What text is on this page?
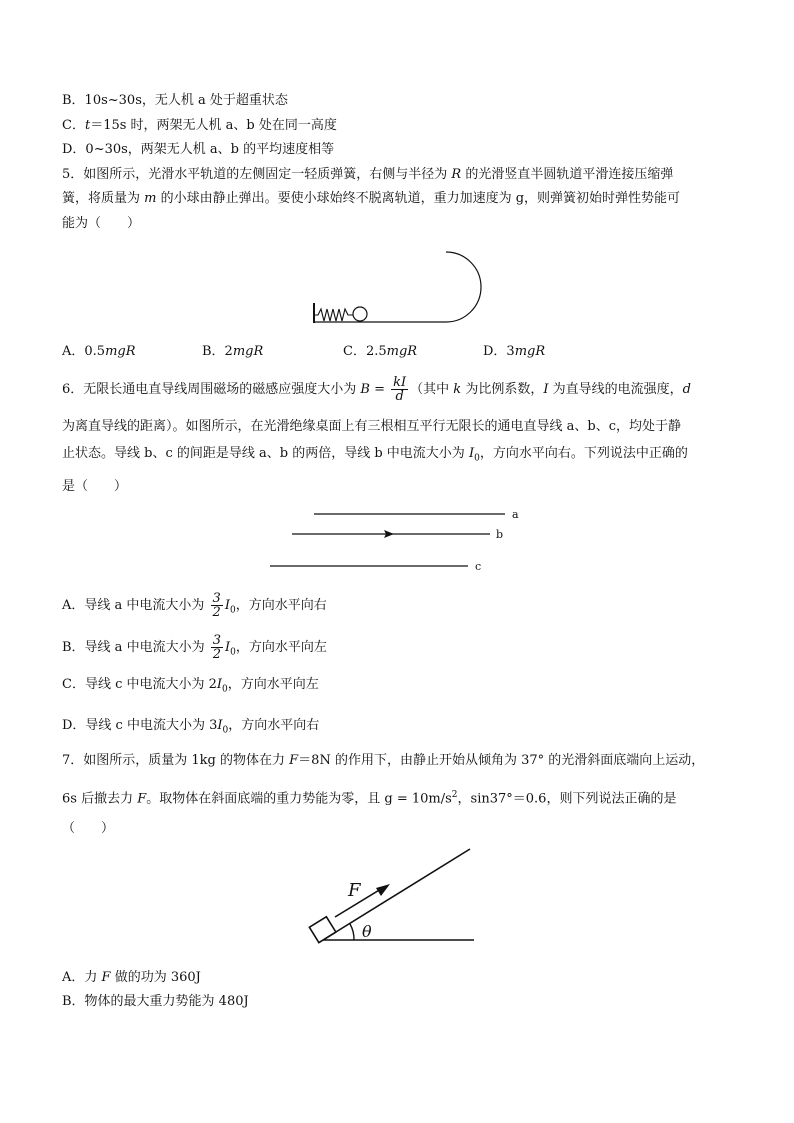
B．10s~30s，无人机 a 处于超重状态
C．t＝15s 时，两架无人机 a、b 处在同一高度
D．0~30s，两架无人机 a、b 的平均速度相等
5．如图所示，光滑水平轨道的左侧固定一轻质弹簧，右侧与半径为 R 的光滑竖直半圆轨道平滑连接压缩弹
簧，将质量为 m 的小球由静止弹出。要使小球始终不脱离轨道，重力加速度为 g，则弹簧初始时弹性势能可
能为（　　）
A．0.5mgR	B．2mgR	C．2.5mgR	D．3mgR
6．无限长通电直导线周围磁场的磁感应强度大小为 $B = \frac{kI}{d}$ （其中 k 为比例系数，I 为直导线的电流强度，d
为离直导线的距离）。如图所示，在光滑绝缘桌面上有三根相互平行无限长的通电直导线 a、b、c，均处于静
止状态。导线 b、c 的间距是导线 a、b 的两倍，导线 b 中电流大小为 $I_0$，方向水平向右。下列说法中正确的
是（　　）
a
b
c
A．导线 a 中电流大小为 $\frac{3}{2} I_0$，方向水平向右
B．导线 a 中电流大小为 $\frac{3}{2} I_0$，方向水平向左
C．导线 c 中电流大小为 $2I_0$，方向水平向左
D．导线 c 中电流大小为 $3I_0$，方向水平向右
7．如图所示，质量为 1kg 的物体在力 F＝8N 的作用下，由静止开始从倾角为 37° 的光滑斜面底端向上运动，
6s 后撤去力 F。取物体在斜面底端的重力势能为零，且 $g = 10m/s^2$，sin37°＝0.6，则下列说法正确的是
（　　）
F
θ
A．力 F 做的功为 360J
B．物体的最大重力势能为 480J
